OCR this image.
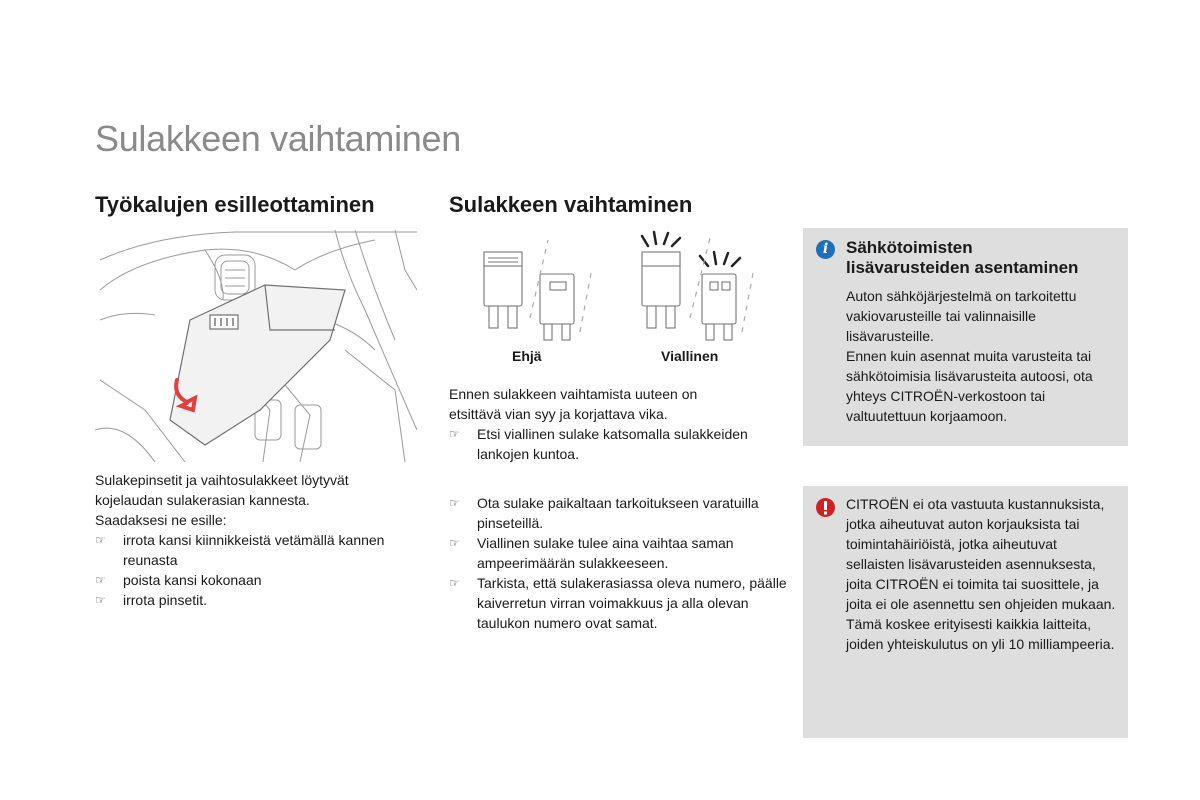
Sulakkeen vaihtaminen
Työkalujen esilleottaminen

Sulakepinsetit ja vaihtosulakkeet löytyvät

kojelaudan sulakerasian kannesta.

Saadaksesi ne esille:

☞ irrota kansi kiinnikkeistä vetämällä kannen reunasta
☞ poista kansi kokonaan
☞ irrota pinsetit.
Sulakkeen vaihtaminen
Ehjä	Viallinen

Ennen sulakkeen vaihtamista uuteen on

etsittävä vian syy ja korjattava vika.

☞ Etsi viallinen sulake katsomalla sulakkeiden lankojen kuntoa.
☞ Ota sulake paikaltaan tarkoitukseen varatuilla pinseteillä.
☞ Viallinen sulake tulee aina vaihtaa saman ampeerimäärän sulakkeeseen.
☞ Tarkista, että sulakerasiassa oleva numero, päälle kaiverretun virran voimakkuus ja alla olevan taulukon numero ovat samat.
i	Sähkötoimisten
lisävarusteiden asentaminen

Auton sähköjärjestelmä on tarkoitettu vakiovarusteille tai valinnaisille lisävarusteille.

Ennen kuin asennat muita varusteita tai sähkötoimisia lisävarusteita autoosi, ota yhteys CITROËN-verkostoon tai valtuutettuun korjaamoon.

CITROËN ei ota vastuuta kustannuksista, jotka aiheutuvat auton korjauksista tai toimintahäiriöistä, jotka aiheutuvat sellaisten lisävarusteiden asennuksesta, joita CITROËN ei toimita tai suosittele, ja joita ei ole asennettu sen ohjeiden mukaan. Tämä koskee erityisesti kaikkia laitteita, joiden yhteiskulutus on yli 10 milliampeeria.
